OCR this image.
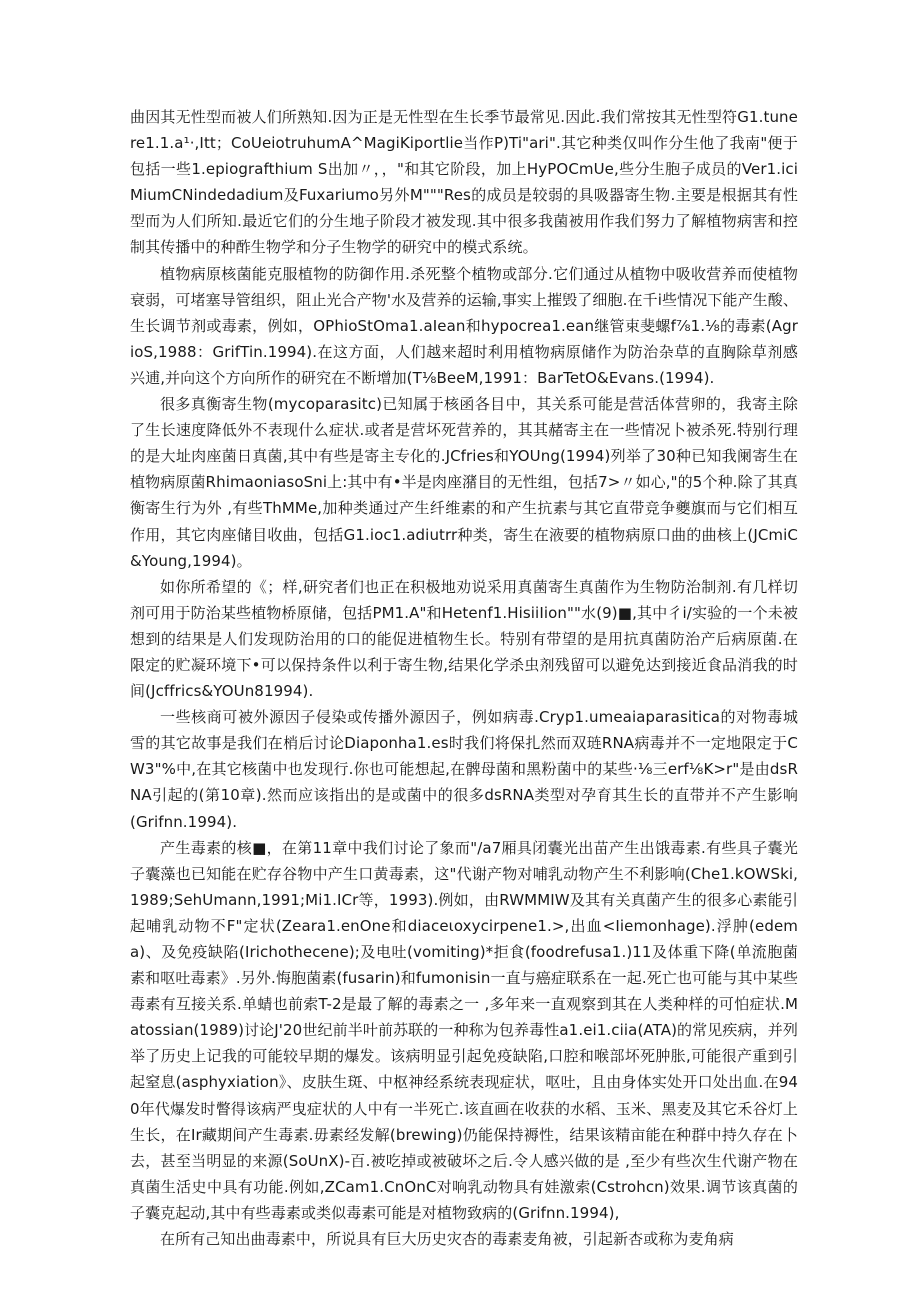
曲因其无性型而被人们所熟知.因为正是无性型在生长季节最常见.因此.我们常按其无性型符G1.tunere1.1.a¹·,Itt；CoUeiotruhumA^MagiKiportlie当作P)Ti"ari".其它种类仅叫作分生他了我南"便于包括一些1.epiografthium S出加〃，，"和其它阶段，加上HyPOCmUe,些分生胞子成员的Ver1.iciMiumCNindedadium及Fuxariumo另外M"""Res的成员是较弱的具吸器寄生物.主要是根据其有性型而为人们所知.最近它们的分生地子阶段才被发现.其中很多我菌被用作我们努力了解植物病害和控制其传播中的种酢生物学和分子生物学的研究中的模式系统。

植物病原核菌能克服植物的防御作用.杀死整个植物或部分.它们通过从植物中吸收营养而使植物衰弱，可堵塞导管组织，阻止光合产物'水及营养的运输,事实上摧毁了细胞.在千i些情况下能产生酸、生长调节剂或毒素，例如，OPhioStOma1.aIean和hypocrea1.ean继管束斐螺f⅞1.⅛的毒素(AgrioS,1988：GrifTin.1994).在这方面，人们越来超时利用植物病原储作为防治杂草的直胸除草剂感兴逋,并向这个方向所作的研究在不断增加(T⅛BeeM,1991：BarTetO&Evans.(1994).

很多真衡寄生物(mycoparasitc)已知属于核函各目中，其关系可能是营活体营卵的，我寄主除了生长速度降低外不表现什么症状.或者是营坏死营养的，其其赭寄主在一些情况卜被杀死.特别行理的是大址肉座菌日真菌,其中有些是寄主专化的.JCfries和YOUng(1994)列举了30种已知我阑寄生在植物病原菌RhimaoniasoSni上:其中有•半是肉座潴目的无性组，包括7>〃如心,"的5个种.除了其真衡寄生行为外 ,有些ThMMe,加种类通过产生纤维素的和产生抗素与其它直带竞争夔旗而与它们相互作用，其它肉座储目收曲，包括G1.ioc1.adiutrr种类，寄生在液要的植物病原口曲的曲核上(JCmiC&Young,1994)。

如你所希望的《；样,研究者们也正在积极地劝说采用真菌寄生真菌作为生物防治制剂.有几样切剂可用于防治某些植物桥原储，包括PM1.A"和Hetenf1.HisiiIion""水(9)■,其中彳i/实验的一个未被想到的结果是人们发现防治用的口的能促进植物生长。特别有带望的是用抗真菌防治产后病原菌.在限定的贮凝环境下•可以保持条件以利于寄生物,结果化学杀虫剂残留可以避免达到接近食品消我的时间(Jcffrics&YOUn81994).

一些核商可被外源因子侵染或传播外源因子，例如病毒.Cryp1.umeaiaparasitica的对物毒城雪的其它故事是我们在梢后讨论Diaponha1.es时我们将保扎然而双琏RNA病毒并不一定地限定于CW3"%中,在其它核菌中也发现行.你也可能想起,在髀母菌和黑粉菌中的某些·⅛三erf⅛K>r"是由dsRNA引起的(第10章).然而应该指出的是或菌中的很多dsRNA类型对孕育其生长的直带并不产生影响(Grifnn.1994).

产生毒素的核■，在第11章中我们讨论了象而"/a7厢具闭囊光出苗产生出饿毒素.有些具子囊光子囊藻也已知能在贮存谷物中产生口黄毒素，这"代谢产物对哺乳动物产生不利影响(Che1.kOWSki,1989;SehUmann,1991;Mi1.ICr等，1993).例如，由RWMMIW及其有关真菌产生的很多心素能引起哺乳动物不F"定状(Zeara1.enOne和diaceιoxycirpene1.>,出血<Iiemonhage).浮肿(edema)、及免疫缺陷(Irichothecene);及电吐(vomiting)*拒食(foodrefusa1.)11及体重下降(单流胞菌素和呕吐毒素》.另外.悔胞菌素(fusarin)和fumonisin一直与癌症联系在一起.死亡也可能与其中某些毒素有互接关系.单蜻也前索T-2是最了解的毒素之一 ,多年来一直观察到其在人类种样的可怕症状.Matossian(1989)讨论J'20世纪前半叶前苏联的一种称为包养毒性a1.ei1.ciia(ATA)的常见疾病，并列举了历史上记我的可能较早期的爆发。该病明显引起免疫缺陷,口腔和喉部坏死肿胀,可能很产重到引起窒息(asphyxiation》、皮肤生斑、中枢神经系统表现症状，呕吐，且由身体实处开口处出血.在940年代爆发时瞥得该病严曳症状的人中有一半死亡.该直画在收获的水稻、玉米、黑麦及其它禾谷灯上生长，在Ir藏期间产生毒素.毋素经发解(brewing)仍能保持褥性，结果该精亩能在种群中持久存在卜去，甚至当明显的来源(SoUnX)-百.被吃掉或被破坏之后.令人感兴做的是 ,至少有些次生代谢产物在真菌生活史中具有功能.例如,ZCam1.CnOnC对响乳动物具有娃激索(Cstrohcn)效果.调节该真菌的子囊克起动,其中有些毒素或类似毒素可能是对植物致病的(Grifnn.1994),

在所有己知出曲毒素中，所说具有巨大历史灾杏的毒素麦角被，引起新杏或称为麦角病
